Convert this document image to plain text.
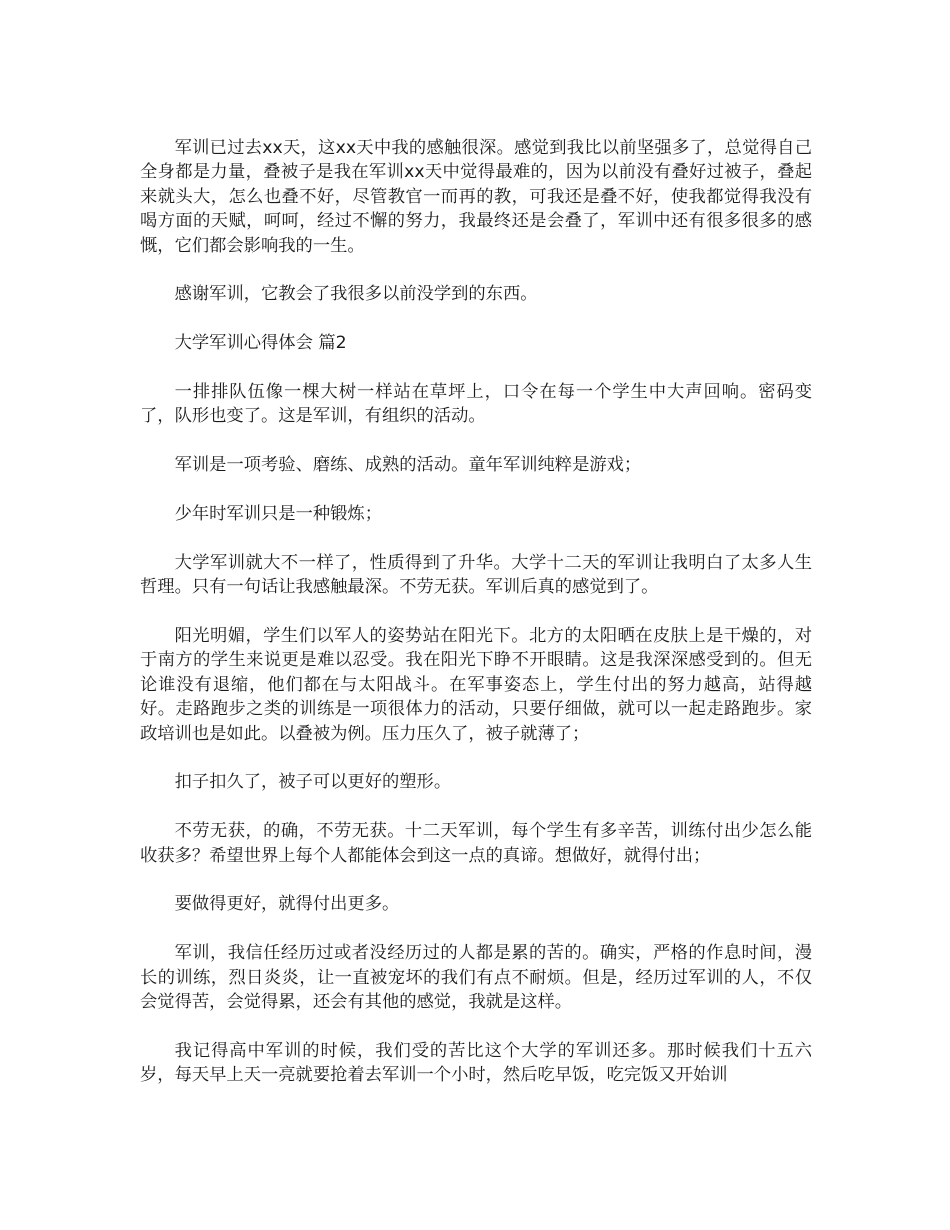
军训已过去xx天，这xx天中我的感触很深。感觉到我比以前坚强多了，总觉得自己全身都是力量，叠被子是我在军训xx天中觉得最难的，因为以前没有叠好过被子，叠起来就头大，怎么也叠不好，尽管教官一而再的教，可我还是叠不好，使我都觉得我没有喝方面的天赋，呵呵，经过不懈的努力，我最终还是会叠了，军训中还有很多很多的感慨，它们都会影响我的一生。

感谢军训，它教会了我很多以前没学到的东西。

大学军训心得体会 篇2

一排排队伍像一棵大树一样站在草坪上，口令在每一个学生中大声回响。密码变了，队形也变了。这是军训，有组织的活动。

军训是一项考验、磨练、成熟的活动。童年军训纯粹是游戏；

少年时军训只是一种锻炼；

大学军训就大不一样了，性质得到了升华。大学十二天的军训让我明白了太多人生哲理。只有一句话让我感触最深。不劳无获。军训后真的感觉到了。

阳光明媚，学生们以军人的姿势站在阳光下。北方的太阳晒在皮肤上是干燥的，对于南方的学生来说更是难以忍受。我在阳光下睁不开眼睛。这是我深深感受到的。但无论谁没有退缩，他们都在与太阳战斗。在军事姿态上，学生付出的努力越高，站得越好。走路跑步之类的训练是一项很体力的活动，只要仔细做，就可以一起走路跑步。家政培训也是如此。以叠被为例。压力压久了，被子就薄了；

扣子扣久了，被子可以更好的塑形。

不劳无获，的确，不劳无获。十二天军训，每个学生有多辛苦，训练付出少怎么能收获多？希望世界上每个人都能体会到这一点的真谛。想做好，就得付出；

要做得更好，就得付出更多。

军训，我信任经历过或者没经历过的人都是累的苦的。确实，严格的作息时间，漫长的训练，烈日炎炎，让一直被宠坏的我们有点不耐烦。但是，经历过军训的人，不仅会觉得苦，会觉得累，还会有其他的感觉，我就是这样。

我记得高中军训的时候，我们受的苦比这个大学的军训还多。那时候我们十五六岁，每天早上天一亮就要抢着去军训一个小时，然后吃早饭，吃完饭又开始训
